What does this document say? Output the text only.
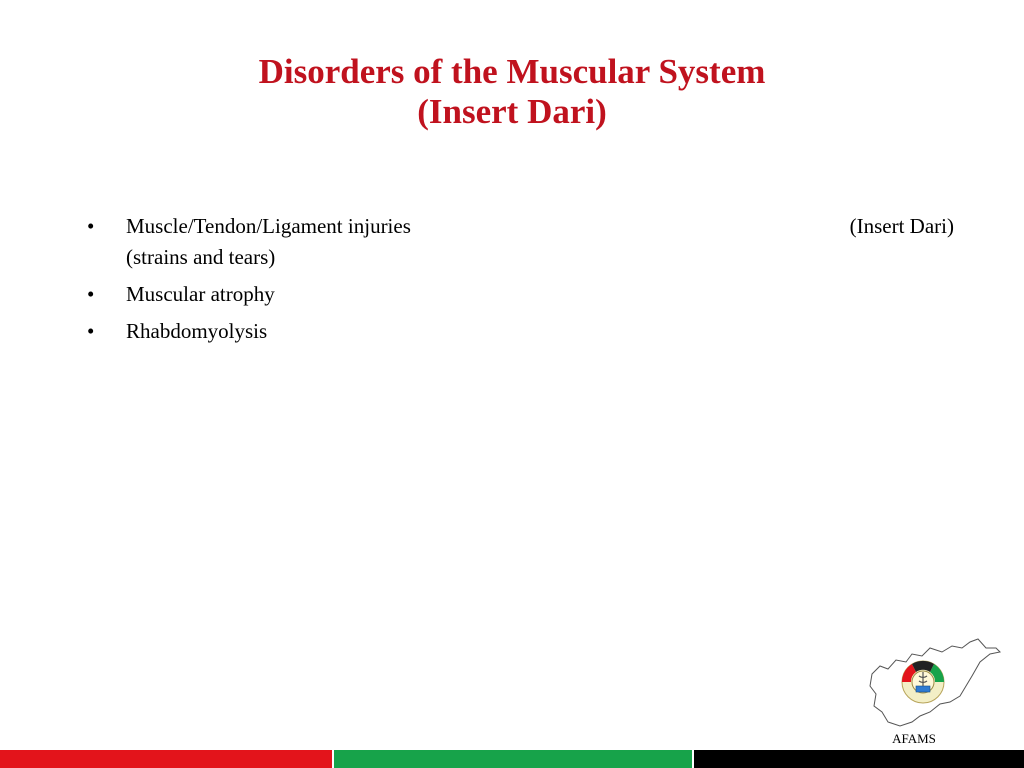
Disorders of the Muscular System
(Insert Dari)
• Muscle/Tendon/Ligament injuries	(Insert Dari)
(strains and tears)
• Muscular atrophy
• Rhabdomyolysis
AFAMS
